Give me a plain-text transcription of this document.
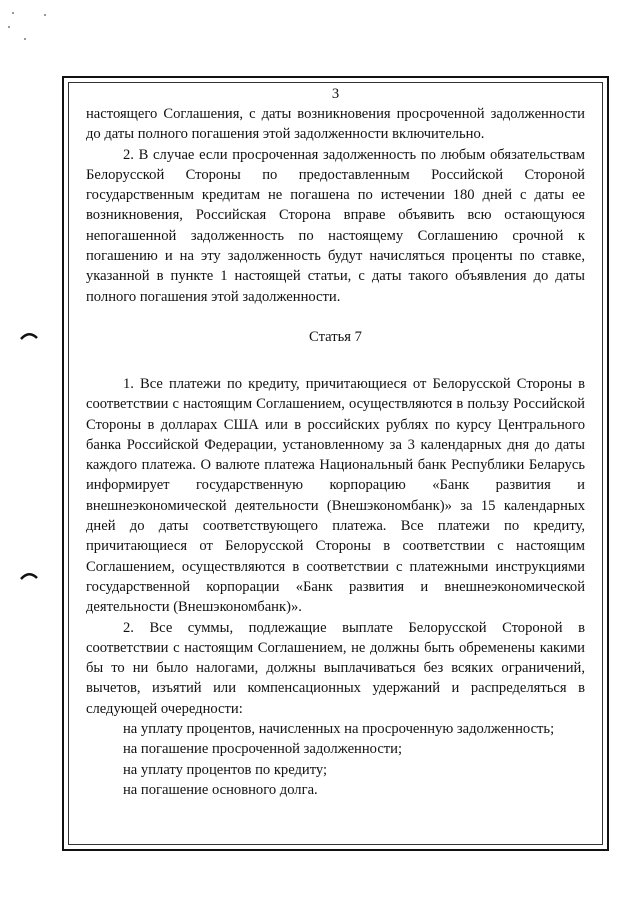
3

настоящего Соглашения, с даты возникновения просроченной задолженности до даты полного погашения этой задолженности включительно.

2. В случае если просроченная задолженность по любым обязательствам Белорусской Стороны по предоставленным Российской Стороной государственным кредитам не погашена по истечении 180 дней с даты ее возникновения, Российская Сторона вправе объявить всю остающуюся непогашенной задолженность по настоящему Соглашению срочной к погашению и на эту задолженность будут начисляться проценты по ставке, указанной в пункте 1 настоящей статьи, с даты такого объявления до даты полного погашения этой задолженности.

Статья 7

1. Все платежи по кредиту, причитающиеся от Белорусской Стороны в соответствии с настоящим Соглашением, осуществляются в пользу Российской Стороны в долларах США или в российских рублях по курсу Центрального банка Российской Федерации, установленному за 3 календарных дня до даты каждого платежа. О валюте платежа Национальный банк Республики Беларусь информирует государственную корпорацию «Банк развития и внешнеэкономической деятельности (Внешэкономбанк)» за 15 календарных дней до даты соответствующего платежа. Все платежи по кредиту, причитающиеся от Белорусской Стороны в соответствии с настоящим Соглашением, осуществляются в соответствии с платежными инструкциями государственной корпорации «Банк развития и внешнеэкономической деятельности (Внешэкономбанк)».

2. Все суммы, подлежащие выплате Белорусской Стороной в соответствии с настоящим Соглашением, не должны быть обременены какими бы то ни было налогами, должны выплачиваться без всяких ограничений, вычетов, изъятий или компенсационных удержаний и распределяться в следующей очередности:

на уплату процентов, начисленных на просроченную задолженность;

на погашение просроченной задолженности;

на уплату процентов по кредиту;

на погашение основного долга.
